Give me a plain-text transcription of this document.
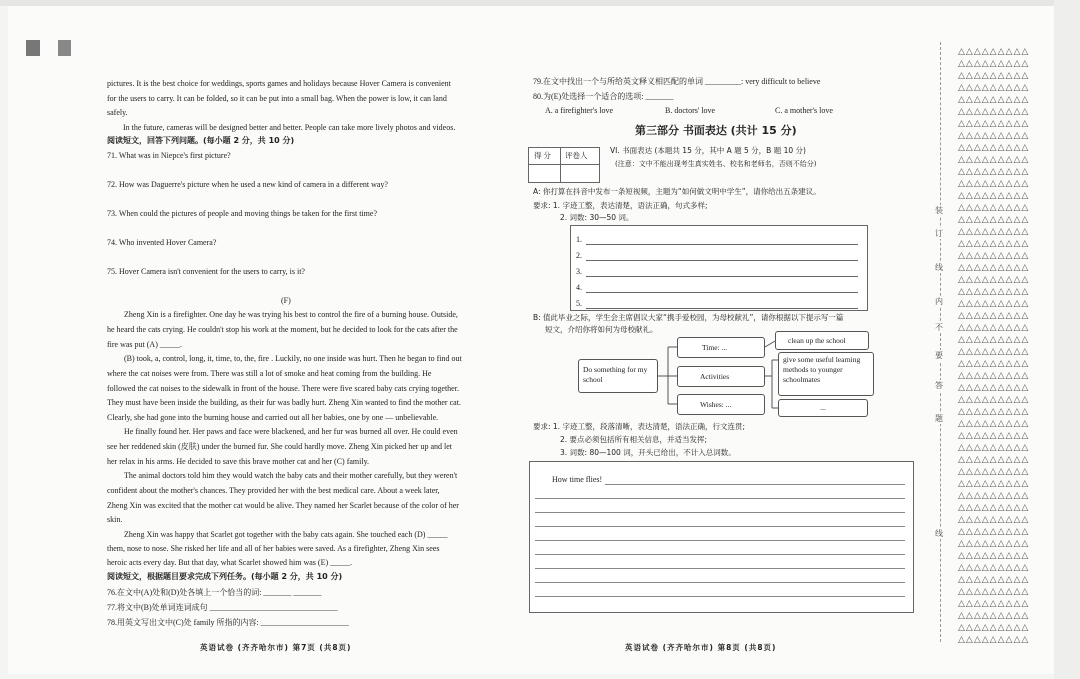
pictures. It is the best choice for weddings, sports games and holidays because Hover Camera is convenient
for the users to carry. It can be folded, so it can be put into a small bag. When the power is low, it can land
safely.
In the future, cameras will be designed better and better. People can take more lively photos and videos.
阅读短文，回答下列问题。(每小题 2 分，共 10 分)
71. What was in Niepce's first picture?
72. How was Daguerre's picture when he used a new kind of camera in a different way?
73. When could the pictures of people and moving things be taken for the first time?
74. Who invented Hover Camera?
75. Hover Camera isn't convenient for the users to carry, is it?
(F)
Zheng Xin is a firefighter. One day he was trying his best to control the fire of a burning house. Outside,
he heard the cats crying. He couldn't stop his work at the moment, but he decided to look for the cats after the
fire was put (A) _____.
(B) took, a, control, long, it, time, to, the, fire . Luckily, no one inside was hurt. Then he began to find out
where the cat noises were from. There was still a lot of smoke and heat coming from the building. He
followed the cat noises to the sidewalk in front of the house. There were five scared baby cats crying together.
They must have been inside the building, as their fur was badly hurt. Zheng Xin wanted to find the mother cat.
Clearly, she had gone into the burning house and carried out all her babies, one by one — unbelievable.
He finally found her. Her paws and face were blackened, and her fur was burned all over. He could even
see her reddened skin (皮肤) under the burned fur. She could hardly move. Zheng Xin picked her up and let
her relax in his arms. He decided to save this brave mother cat and her (C) family.
The animal doctors told him they would watch the baby cats and their mother carefully, but they weren't
confident about the mother's chances. They provided her with the best medical care. About a week later,
Zheng Xin was excited that the mother cat would be alive. They named her Scarlet because of the color of her
skin.
Zheng Xin was happy that Scarlet got together with the baby cats again. She touched each (D) _____
them, nose to nose. She risked her life and all of her babies were saved. As a firefighter, Zheng Xin sees
heroic acts every day. But that day, what Scarlet showed him was (E) _____.
阅读短文，根据题目要求完成下列任务。(每小题 2 分，共 10 分)
76.在文中(A)处和(D)处各填上一个恰当的词: _______ _______
77.将文中(B)处单词连词成句 ________________________________
78.用英文写出文中(C)处 family 所指的内容: ______________________
英语试卷 (齐齐哈尔市) 第7页 (共8页)
79.在文中找出一个与所给英文释义相匹配的单词 _________: very difficult to believe
80.为(E)处选择一个适合的选项: _______
A. a firefighter's love	B. doctors' love	C. a mother's love
第三部分 书面表达 (共计 15 分)
得 分 评卷人
VI. 书面表达 (本题共 15 分，其中 A 题 5 分，B 题 10 分)
(注意：文中不能出现考生真实姓名、校名和老师名，否则不给分)
A: 你打算在抖音中发布一条短视频，主题为“如何做文明中学生”，请你给出五条建议。
要求: 1. 字迹工整，表达清楚，语法正确，句式多样;
2. 词数: 30—50 词。
1.
2.
3.
4.
5.
B: 值此毕业之际，学生会主席倡议大家“携手爱校园，为母校献礼”，请你根据以下提示写一篇
短文，介绍你将如何为母校献礼。
Do something for my school
Time: ...
Activities
Wishes: ...
clean up the school
give some useful learning methods to younger schoolmates
...
要求: 1. 字迹工整，段落清晰，表达清楚，语法正确，行文连贯;
2. 要点必须包括所有相关信息，并适当发挥;
3. 词数: 80—100 词，开头已给出，不计入总词数。
How time flies!
英语试卷 (齐齐哈尔市) 第8页 (共8页)
装
订
线
内
不
要
答
题
线
△△△△△△△△△
△△△△△△△△△
△△△△△△△△△
△△△△△△△△△
△△△△△△△△△
△△△△△△△△△
△△△△△△△△△
△△△△△△△△△
△△△△△△△△△
△△△△△△△△△
△△△△△△△△△
△△△△△△△△△
△△△△△△△△△
△△△△△△△△△
△△△△△△△△△
△△△△△△△△△
△△△△△△△△△
△△△△△△△△△
△△△△△△△△△
△△△△△△△△△
△△△△△△△△△
△△△△△△△△△
△△△△△△△△△
△△△△△△△△△
△△△△△△△△△
△△△△△△△△△
△△△△△△△△△
△△△△△△△△△
△△△△△△△△△
△△△△△△△△△
△△△△△△△△△
△△△△△△△△△
△△△△△△△△△
△△△△△△△△△
△△△△△△△△△
△△△△△△△△△
△△△△△△△△△
△△△△△△△△△
△△△△△△△△△
△△△△△△△△△
△△△△△△△△△
△△△△△△△△△
△△△△△△△△△
△△△△△△△△△
△△△△△△△△△
△△△△△△△△△
△△△△△△△△△
△△△△△△△△△
△△△△△△△△△
△△△△△△△△△
